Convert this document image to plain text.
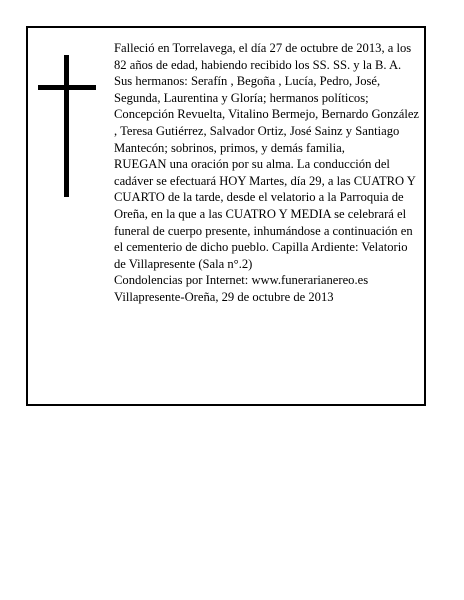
Falleció en Torrelavega, el día 27 de octubre de 2013, a los 82 años de edad, habiendo recibido los SS. SS. y la B. A.

Sus hermanos: Serafín , Begoña , Lucía, Pedro, José, Segunda, Laurentina y Gloría; hermanos políticos; Concepción Revuelta, Vitalino Bermejo, Bernardo González , Teresa Gutiérrez, Salvador Ortiz, José Sainz y Santiago Mantecón; sobrinos, primos, y demás familia,

RUEGAN una oración por su alma. La conducción del cadáver se efectuará HOY Martes, día 29, a las CUATRO Y CUARTO de la tarde, desde el velatorio a la Parroquia de Oreña, en la que a las CUATRO Y MEDIA se celebrará el funeral de cuerpo presente, inhumándose a continuación en el cementerio de dicho pueblo. Capilla Ardiente: Velatorio de Villapresente (Sala n°.2)

Condolencias por Internet: www.funerarianereo.es

Villapresente-Oreña, 29 de octubre de 2013
